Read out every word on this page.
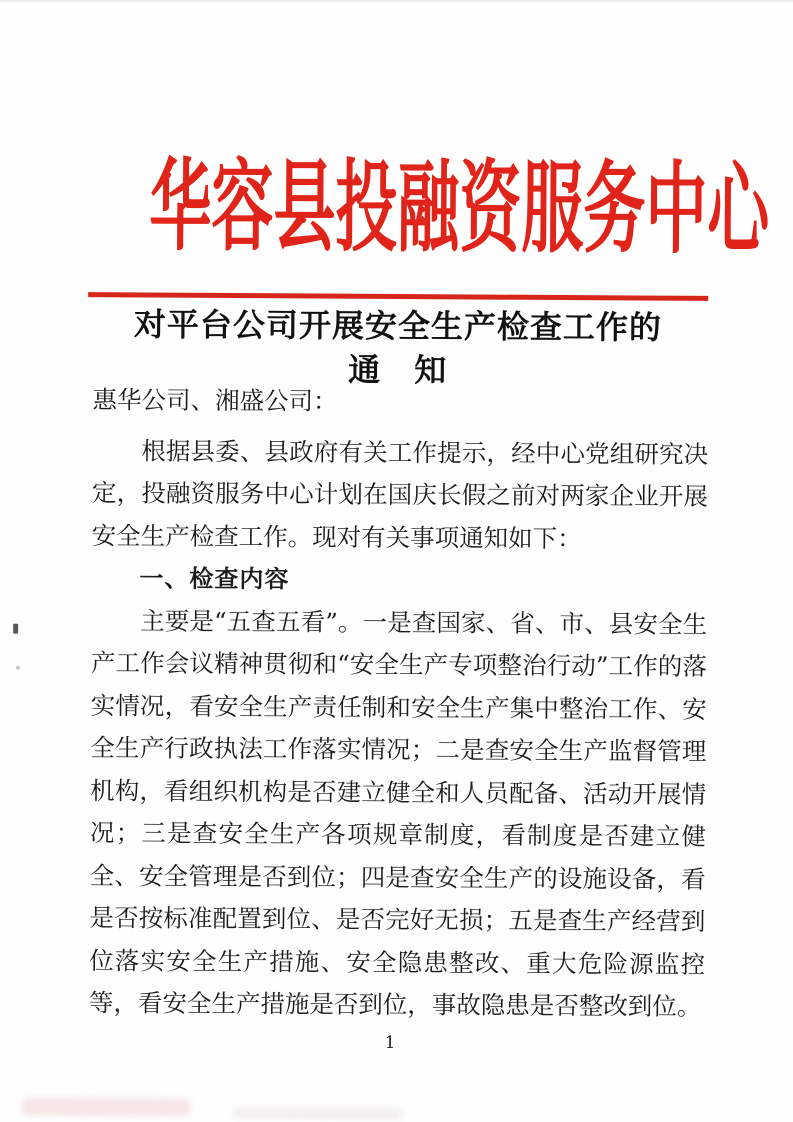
华容县投融资服务中心
对平台公司开展安全生产检查工作的
通　知

惠华公司、湘盛公司：

根据县委、县政府有关工作提示，经中心党组研究决定，投融资服务中心计划在国庆长假之前对两家企业开展安全生产检查工作。现对有关事项通知如下：

一、检查内容

主要是“五查五看”。一是查国家、省、市、县安全生产工作会议精神贯彻和“安全生产专项整治行动”工作的落实情况，看安全生产责任制和安全生产集中整治工作、安全生产行政执法工作落实情况；二是查安全生产监督管理机构，看组织机构是否建立健全和人员配备、活动开展情况；三是查安全生产各项规章制度，看制度是否建立健全、安全管理是否到位；四是查安全生产的设施设备，看是否按标准配置到位、是否完好无损；五是查生产经营到位落实安全生产措施、安全隐患整改、重大危险源监控等，看安全生产措施是否到位，事故隐患是否整改到位。

1
